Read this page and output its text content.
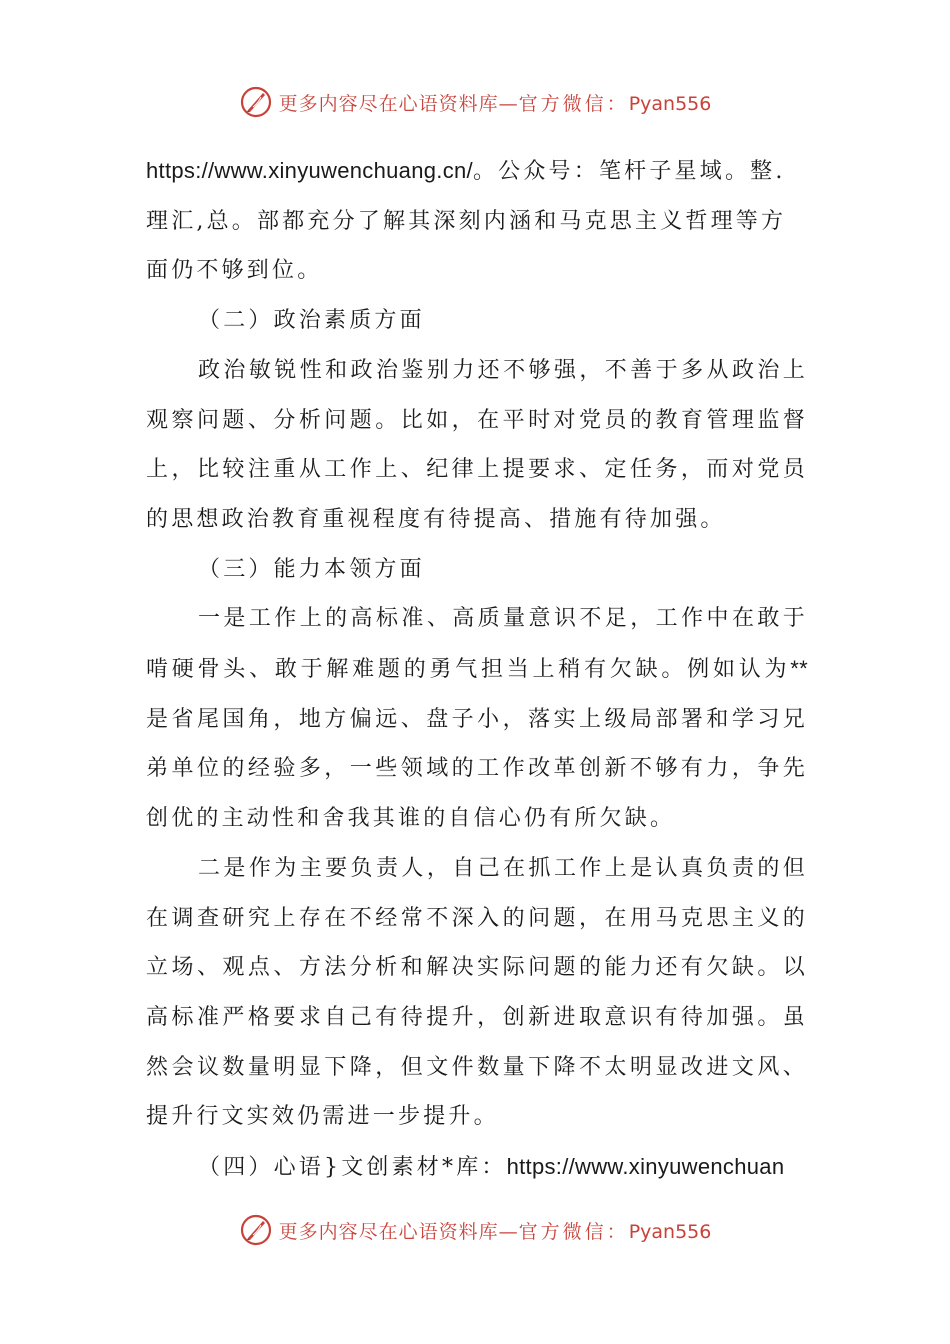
更多内容尽在心语资料库—官方微信：Pyan556

https://www.xinyuwenchuang.cn/。公众号：笔杆子星域。整.
理汇,总。部都充分了解其深刻内涵和马克思主义哲理等方
面仍不够到位。

（二）政治素质方面

政治敏锐性和政治鉴别力还不够强，不善于多从政治上观察问题、分析问题。比如，在平时对党员的教育管理监督上，比较注重从工作上、纪律上提要求、定任务，而对党员的思想政治教育重视程度有待提高、措施有待加强。

（三）能力本领方面

一是工作上的高标准、高质量意识不足，工作中在敢于啃硬骨头、敢于解难题的勇气担当上稍有欠缺。例如认为**是省尾国角，地方偏远、盘子小，落实上级局部署和学习兄弟单位的经验多，一些领域的工作改革创新不够有力，争先创优的主动性和舍我其谁的自信心仍有所欠缺。

二是作为主要负责人，自己在抓工作上是认真负责的但在调查研究上存在不经常不深入的问题，在用马克思主义的立场、观点、方法分析和解决实际问题的能力还有欠缺。以高标准严格要求自己有待提升，创新进取意识有待加强。虽然会议数量明显下降，但文件数量下降不太明显改进文风、提升行文实效仍需进一步提升。

（四）心语}文创素材*库：https://www.xinyuwenchuan

更多内容尽在心语资料库—官方微信：Pyan556
